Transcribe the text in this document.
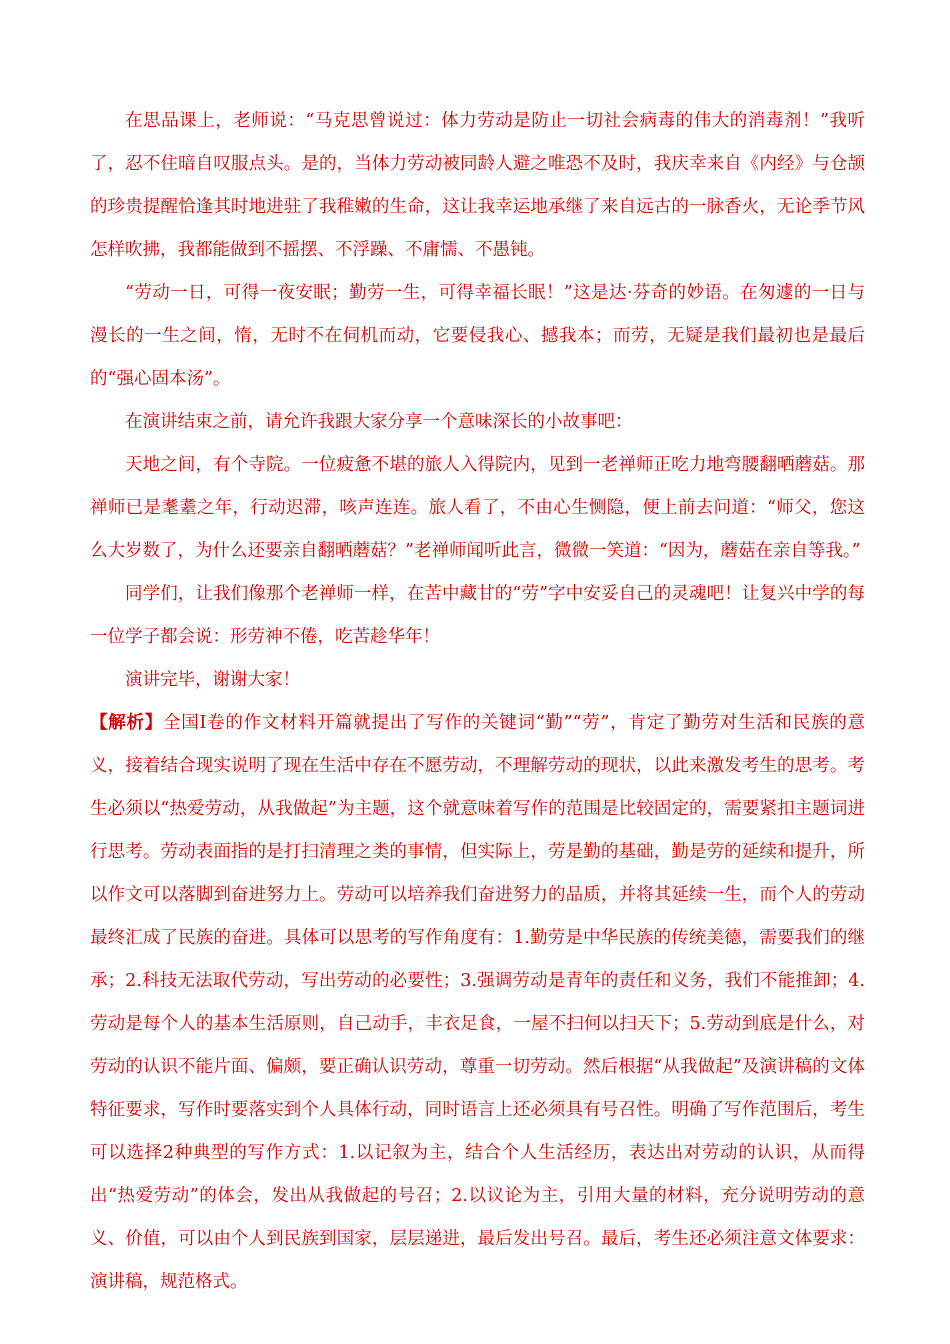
在思品课上，老师说：“马克思曾说过：体力劳动是防止一切社会病毒的伟大的消毒剂！”我听了，忍不住暗自叹服点头。是的，当体力劳动被同龄人避之唯恐不及时，我庆幸来自《内经》与仓颉的珍贵提醒恰逢其时地进驻了我稚嫩的生命，这让我幸运地承继了来自远古的一脉香火，无论季节风怎样吹拂，我都能做到不摇摆、不浮躁、不庸懦、不愚钝。

“劳动一日，可得一夜安眠；勤劳一生，可得幸福长眠！”这是达·芬奇的妙语。在匆遽的一日与漫长的一生之间，惰，无时不在伺机而动，它要侵我心、撼我本；而劳，无疑是我们最初也是最后的“强心固本汤”。

在演讲结束之前，请允许我跟大家分享一个意味深长的小故事吧：

天地之间，有个寺院。一位疲惫不堪的旅人入得院内，见到一老禅师正吃力地弯腰翻晒蘑菇。那禅师已是耄耋之年，行动迟滞，咳声连连。旅人看了，不由心生恻隐，便上前去问道：“师父，您这么大岁数了，为什么还要亲自翻晒蘑菇？”老禅师闻听此言，微微一笑道：“因为，蘑菇在亲自等我。”

同学们，让我们像那个老禅师一样，在苦中藏甘的“劳”字中安妥自己的灵魂吧！让复兴中学的每一位学子都会说：形劳神不倦，吃苦趁华年！

演讲完毕，谢谢大家！

【解析】全国Ⅰ卷的作文材料开篇就提出了写作的关键词“勤”“劳”，肯定了勤劳对生活和民族的意义，接着结合现实说明了现在生活中存在不愿劳动，不理解劳动的现状，以此来激发考生的思考。考生必须以“热爱劳动，从我做起”为主题，这个就意味着写作的范围是比较固定的，需要紧扣主题词进行思考。劳动表面指的是打扫清理之类的事情，但实际上，劳是勤的基础，勤是劳的延续和提升，所以作文可以落脚到奋进努力上。劳动可以培养我们奋进努力的品质，并将其延续一生，而个人的劳动最终汇成了民族的奋进。具体可以思考的写作角度有：1.勤劳是中华民族的传统美德，需要我们的继承；2.科技无法取代劳动，写出劳动的必要性；3.强调劳动是青年的责任和义务，我们不能推卸；4.劳动是每个人的基本生活原则，自己动手，丰衣足食，一屋不扫何以扫天下；5.劳动到底是什么，对劳动的认识不能片面、偏颇，要正确认识劳动，尊重一切劳动。然后根据“从我做起”及演讲稿的文体特征要求，写作时要落实到个人具体行动，同时语言上还必须具有号召性。明确了写作范围后，考生可以选择2种典型的写作方式：1.以记叙为主，结合个人生活经历，表达出对劳动的认识，从而得出“热爱劳动”的体会，发出从我做起的号召；2.以议论为主，引用大量的材料，充分说明劳动的意义、价值，可以由个人到民族到国家，层层递进，最后发出号召。最后，考生还必须注意文体要求：演讲稿，规范格式。
